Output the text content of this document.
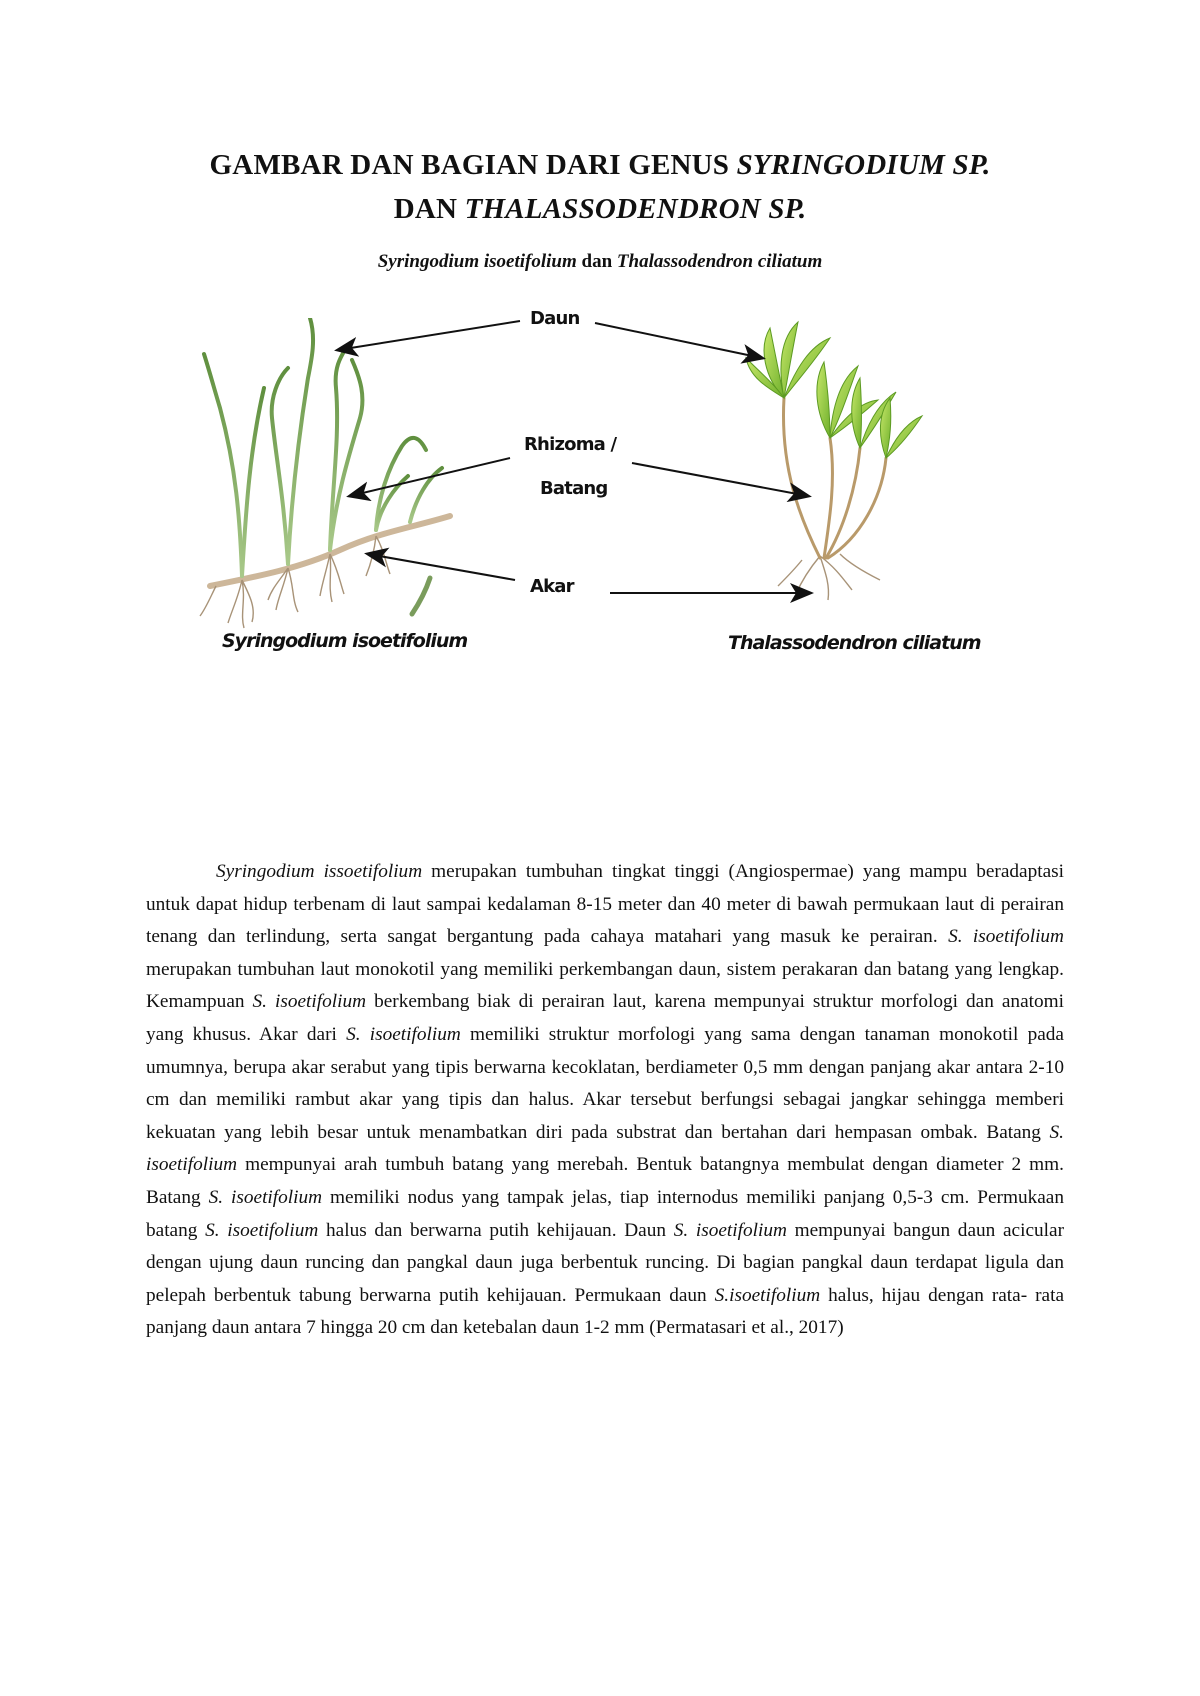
GAMBAR DAN BAGIAN DARI GENUS SYRINGODIUM SP.
DAN THALASSODENDRON SP.
Syringodium isoetifolium dan Thalassodendron ciliatum
Daun
Rhizoma /
Batang
Akar
Syringodium isoetifolium	Thalassodendron ciliatum

Syringodium issoetifolium merupakan tumbuhan tingkat tinggi (Angiospermae) yang mampu beradaptasi untuk dapat hidup terbenam di laut sampai kedalaman 8-15 meter dan 40 meter di bawah permukaan laut di perairan tenang dan terlindung, serta sangat bergantung pada cahaya matahari yang masuk ke perairan. S. isoetifolium merupakan tumbuhan laut monokotil yang memiliki perkembangan daun, sistem perakaran dan batang yang lengkap. Kemampuan S. isoetifolium berkembang biak di perairan laut, karena mempunyai struktur morfologi dan anatomi yang khusus. Akar dari S. isoetifolium memiliki struktur morfologi yang sama dengan tanaman monokotil pada umumnya, berupa akar serabut yang tipis berwarna kecoklatan, berdiameter 0,5 mm dengan panjang akar antara 2-10 cm dan memiliki rambut akar yang tipis dan halus. Akar tersebut berfungsi sebagai jangkar sehingga memberi kekuatan yang lebih besar untuk menambatkan diri pada substrat dan bertahan dari hempasan ombak. Batang S. isoetifolium mempunyai arah tumbuh batang yang merebah. Bentuk batangnya membulat dengan diameter 2 mm. Batang S. isoetifolium memiliki nodus yang tampak jelas, tiap internodus memiliki panjang 0,5-3 cm. Permukaan batang S. isoetifolium halus dan berwarna putih kehijauan. Daun S. isoetifolium mempunyai bangun daun acicular dengan ujung daun runcing dan pangkal daun juga berbentuk runcing. Di bagian pangkal daun terdapat ligula dan pelepah berbentuk tabung berwarna putih kehijauan. Permukaan daun S.isoetifolium halus, hijau dengan rata- rata panjang daun antara 7 hingga 20 cm dan ketebalan daun 1-2 mm (Permatasari et al., 2017)
